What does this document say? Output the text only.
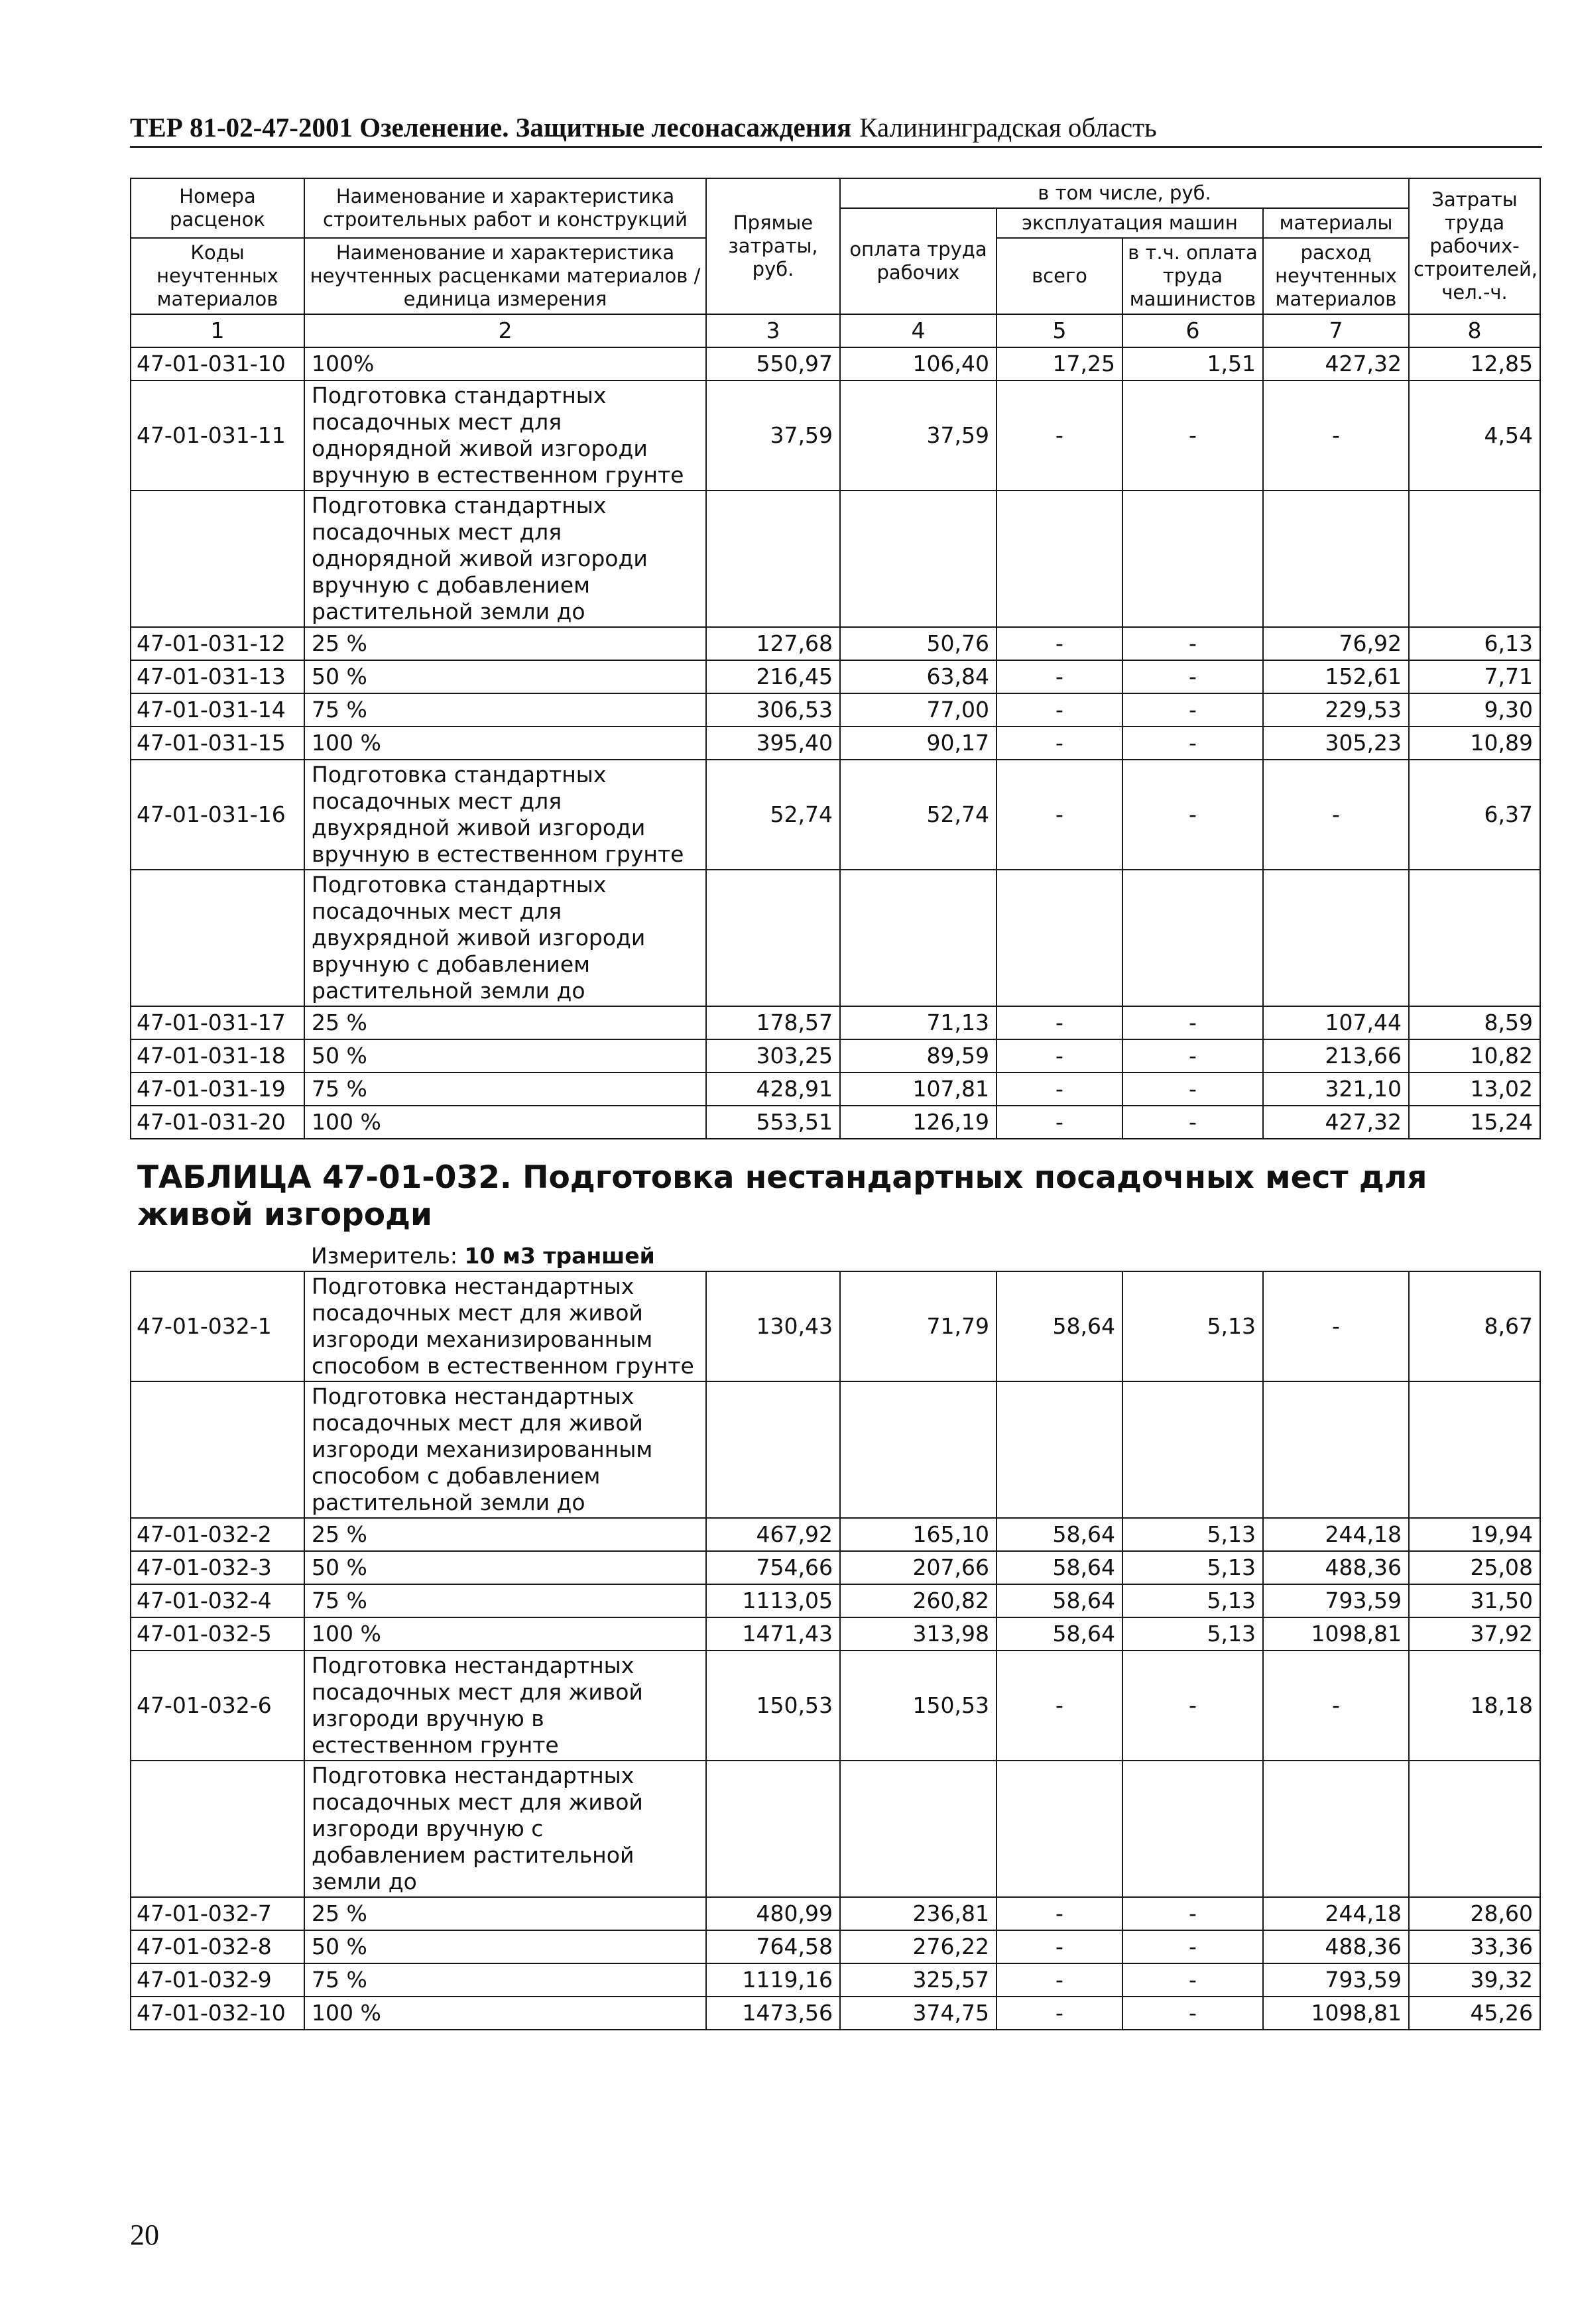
ТЕР 81-02-47-2001 Озеленение. Защитные лесонасаждения Калининградская область
Номера расценок	Наименование и характеристика строительных работ и конструкций	Прямые затраты, руб.	в том числе, руб.				Затраты труда рабочих-строителей, чел.-ч.
			оплата труда рабочих	эксплуатация машин		материалы	
Коды неучтенных материалов	Наименование и характеристика неучтенных расценками материалов / единица измерения			всего	в т.ч. оплата труда машинистов	расход неучтенных материалов	

1	2	3	4	5	6	7	8
47-01-031-10	100%	550,97	106,40	17,25	1,51	427,32	12,85
47-01-031-11	Подготовка стандартных посадочных мест для однорядной живой изгороди вручную в естественном грунте	37,59	37,59	-	-	-	4,54
	Подготовка стандартных посадочных мест для однорядной живой изгороди вручную с добавлением растительной земли до						
47-01-031-12	25 %	127,68	50,76	-	-	76,92	6,13
47-01-031-13	50 %	216,45	63,84	-	-	152,61	7,71
47-01-031-14	75 %	306,53	77,00	-	-	229,53	9,30
47-01-031-15	100 %	395,40	90,17	-	-	305,23	10,89
47-01-031-16	Подготовка стандартных посадочных мест для двухрядной живой изгороди вручную в естественном грунте	52,74	52,74	-	-	-	6,37
	Подготовка стандартных посадочных мест для двухрядной живой изгороди вручную с добавлением растительной земли до						
47-01-031-17	25 %	178,57	71,13	-	-	107,44	8,59
47-01-031-18	50 %	303,25	89,59	-	-	213,66	10,82
47-01-031-19	75 %	428,91	107,81	-	-	321,10	13,02
47-01-031-20	100 %	553,51	126,19	-	-	427,32	15,24
ТАБЛИЦА 47-01-032. Подготовка нестандартных посадочных мест для живой изгороди							
	Измеритель: 10 м3 траншей						
47-01-032-1	Подготовка нестандартных посадочных мест для живой изгороди механизированным способом в естественном грунте	130,43	71,79	58,64	5,13	-	8,67
	Подготовка нестандартных посадочных мест для живой изгороди механизированным способом с добавлением растительной земли до						
47-01-032-2	25 %	467,92	165,10	58,64	5,13	244,18	19,94
47-01-032-3	50 %	754,66	207,66	58,64	5,13	488,36	25,08
47-01-032-4	75 %	1113,05	260,82	58,64	5,13	793,59	31,50
47-01-032-5	100 %	1471,43	313,98	58,64	5,13	1098,81	37,92
47-01-032-6	Подготовка нестандартных посадочных мест для живой изгороди вручную в естественном грунте	150,53	150,53	-	-	-	18,18
	Подготовка нестандартных посадочных мест для живой изгороди вручную с добавлением растительной земли до						
47-01-032-7	25 %	480,99	236,81	-	-	244,18	28,60
47-01-032-8	50 %	764,58	276,22	-	-	488,36	33,36
47-01-032-9	75 %	1119,16	325,57	-	-	793,59	39,32
47-01-032-10	100 %	1473,56	374,75	-	-	1098,81	45,26
20
